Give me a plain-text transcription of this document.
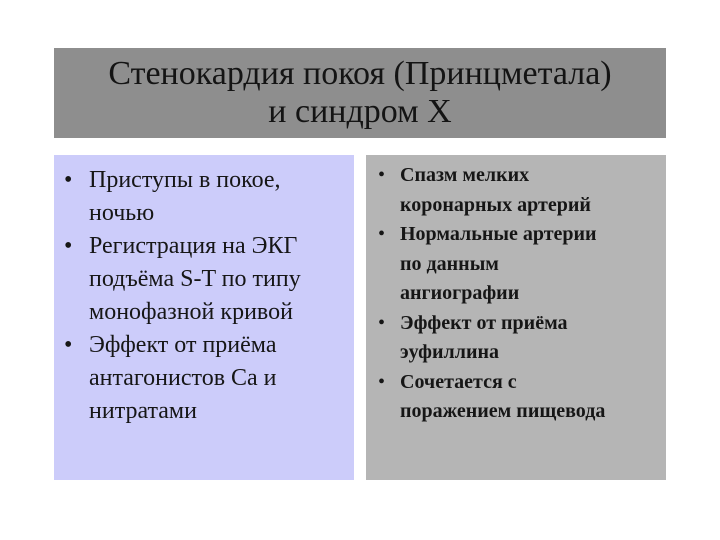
Стенокардия покоя (Принцметала)
и синдром Х
• Приступы в покое,
ночью
• Регистрация на ЭКГ
подъёма S-T по типу
монофазной кривой
• Эффект от приёма
антагонистов Са и
нитратами
• Спазм мелких
коронарных артерий
• Нормальные артерии
по данным
ангиографии
• Эффект от приёма
эуфиллина
• Сочетается с
поражением пищевода
